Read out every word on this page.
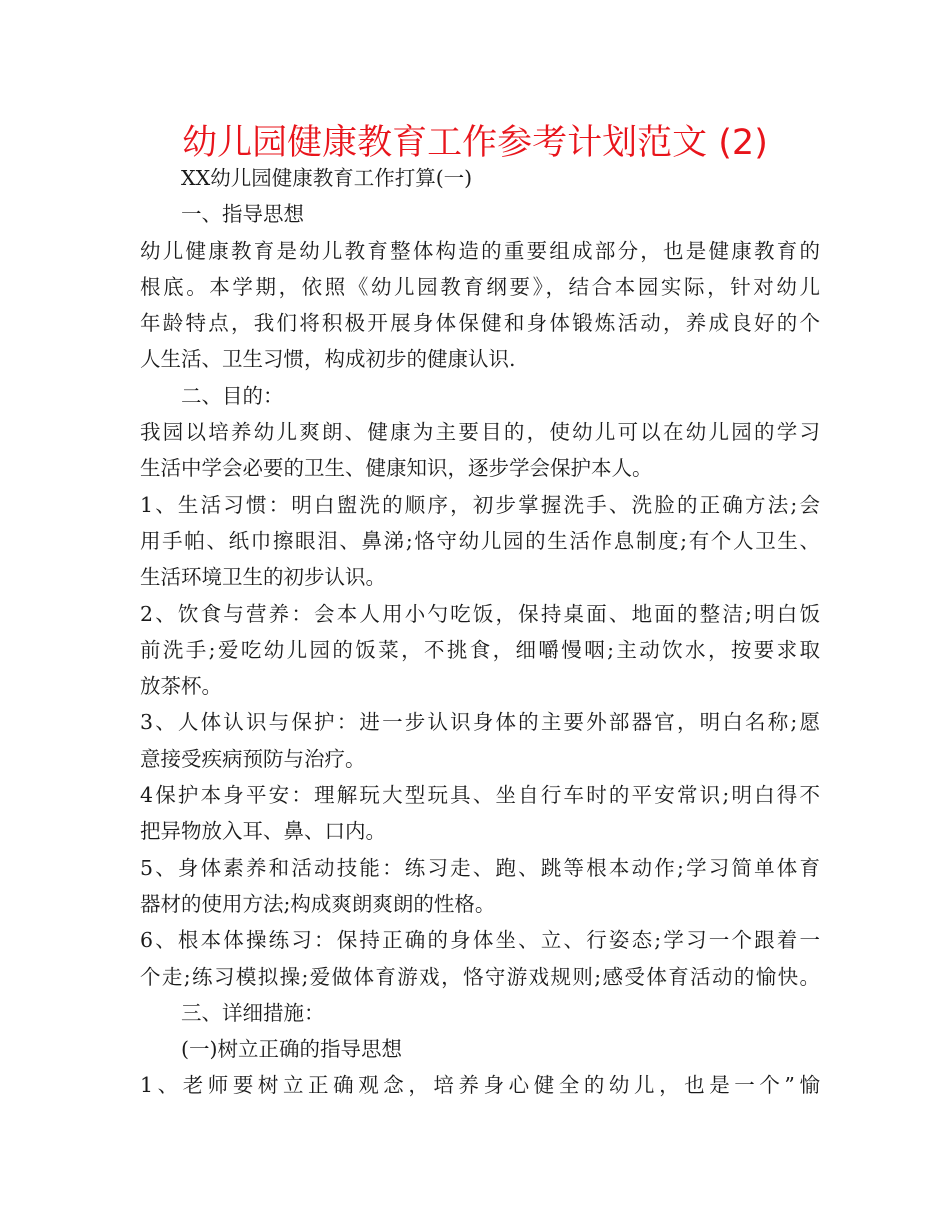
幼儿园健康教育工作参考计划范文 (2)
XX幼儿园健康教育工作打算(一)
一、指导思想
幼儿健康教育是幼儿教育整体构造的重要组成部分，也是健康教育的
根底。本学期，依照《幼儿园教育纲要》，结合本园实际，针对幼儿
年龄特点，我们将积极开展身体保健和身体锻炼活动，养成良好的个
人生活、卫生习惯，构成初步的健康认识.
二、目的：
我园以培养幼儿爽朗、健康为主要目的，使幼儿可以在幼儿园的学习
生活中学会必要的卫生、健康知识，逐步学会保护本人。
1、生活习惯：明白盥洗的顺序，初步掌握洗手、洗脸的正确方法;会
用手帕、纸巾擦眼泪、鼻涕;恪守幼儿园的生活作息制度;有个人卫生、
生活环境卫生的初步认识。
2、饮食与营养：会本人用小勺吃饭，保持桌面、地面的整洁;明白饭
前洗手;爱吃幼儿园的饭菜，不挑食，细嚼慢咽;主动饮水，按要求取
放茶杯。
3、人体认识与保护：进一步认识身体的主要外部器官，明白名称;愿
意接受疾病预防与治疗。
4保护本身平安：理解玩大型玩具、坐自行车时的平安常识;明白得不
把异物放入耳、鼻、口内。
5、身体素养和活动技能：练习走、跑、跳等根本动作;学习简单体育
器材的使用方法;构成爽朗爽朗的性格。
6、根本体操练习：保持正确的身体坐、立、行姿态;学习一个跟着一
个走;练习模拟操;爱做体育游戏，恪守游戏规则;感受体育活动的愉快。
三、详细措施：
(一)树立正确的指导思想
1、老师要树立正确观念，培养身心健全的幼儿，也是一个”愉
